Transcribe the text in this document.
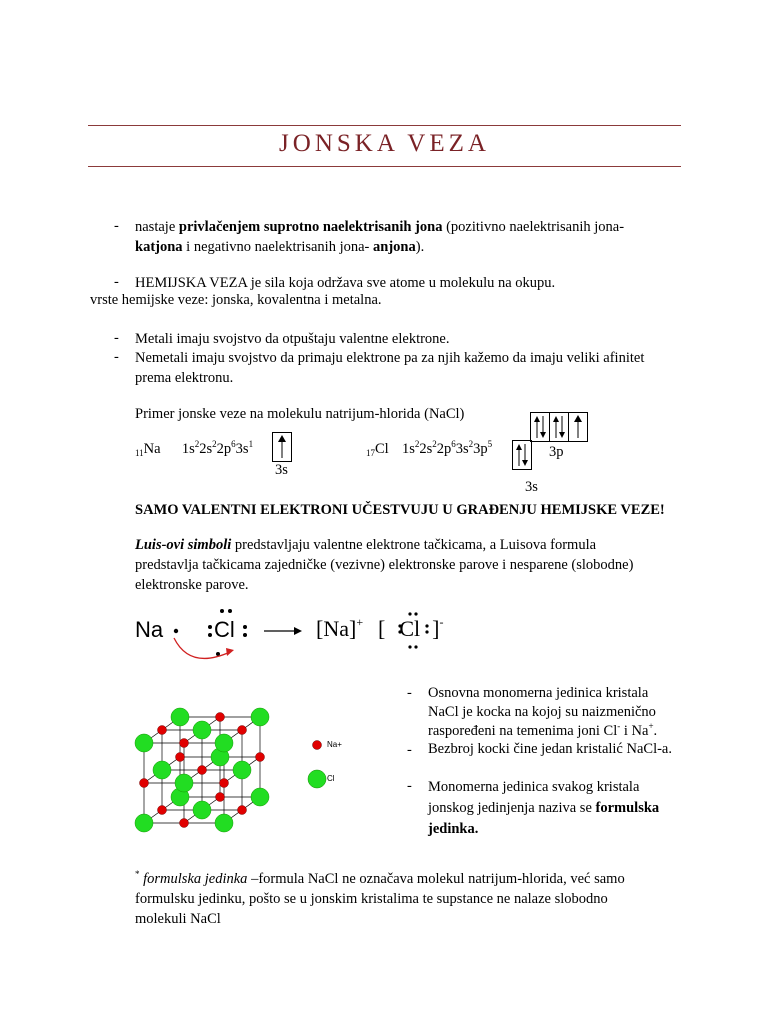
JONSKA VEZA
- nastaje privlačenjem suprotno naelektrisanih jona (pozitivno naelektrisanih jona-
katjona i negativno naelektrisanih jona- anjona).
- HEMIJSKA VEZA je sila koja održava sve atome u molekulu na okupu.
vrste hemijske veze: jonska, kovalentna i metalna.
- Metali imaju svojstvo da otpuštaju valentne elektrone.
- Nemetali imaju svojstvo da primaju elektrone pa za njih kažemo da imaju veliki afinitet
prema elektronu.
Primer jonske veze na molekulu natrijum-hlorida (NaCl)
$_{11}$Na $1s^22s^22p^63s^1$
3s
$_{17}$Cl $1s^22s^22p^63s^23p^5$
3s
3p
SAMO VALENTNI ELEKTRONI UČESTVUJU U GRAĐENJU HEMIJSKE VEZE!
Luis-ovi simboli predstavljaju valentne elektrone tačkicama, a Luisova formula
predstavlja tačkicama zajedničke (vezivne) elektronske parove i nesparene (slobodne)
elektronske parove.
Na Cl	[Na]+ [ Cl ]-
Na+
Cl
- Osnovna monomerna jedinica kristala
NaCl je kocka na kojoj su naizmenično
raspoređeni na temenima joni Cl- i Na+.
- Bezbroj kocki čine jedan kristalić NaCl-a.
- Monomerna jedinica svakog kristala
jonskog jedinjenja naziva se formulska
jedinka.
* formulska jedinka –formula NaCl ne označava molekul natrijum-hlorida, već samo
formulsku jedinku, pošto se u jonskim kristalima te supstance ne nalaze slobodno
molekuli NaCl
